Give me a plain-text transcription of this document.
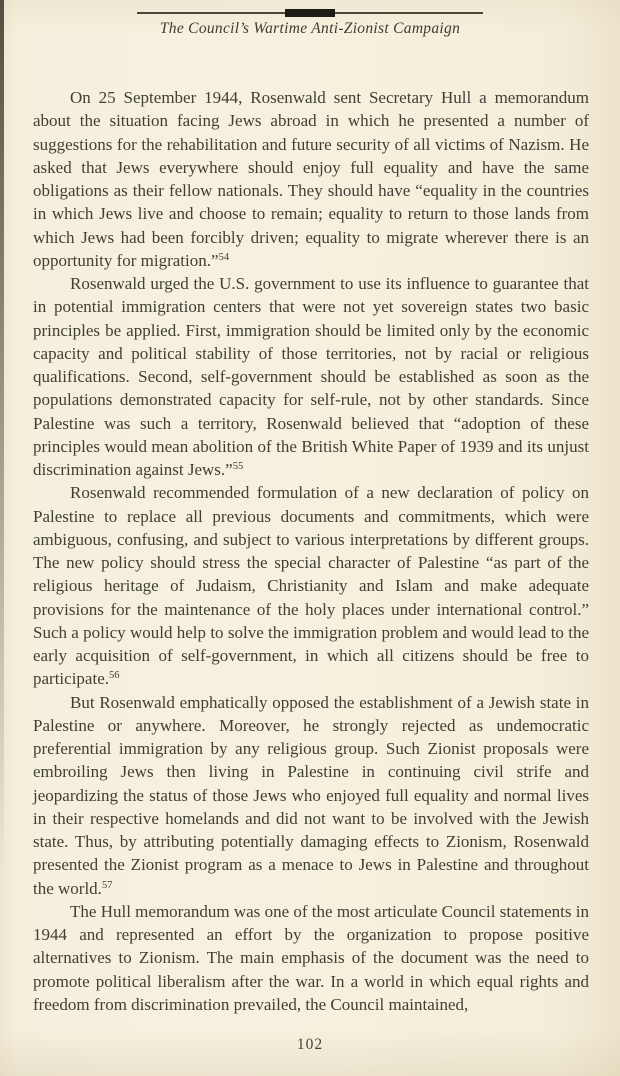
The Council’s Wartime Anti-Zionist Campaign

On 25 September 1944, Rosenwald sent Secretary Hull a memorandum about the situation facing Jews abroad in which he presented a number of suggestions for the rehabilitation and future security of all victims of Nazism. He asked that Jews everywhere should enjoy full equality and have the same obligations as their fellow nationals. They should have “equality in the countries in which Jews live and choose to remain; equality to return to those lands from which Jews had been forcibly driven; equality to migrate wherever there is an opportunity for migration.”$^{54}$

Rosenwald urged the U.S. government to use its influence to guarantee that in potential immigration centers that were not yet sovereign states two basic principles be applied. First, immigration should be limited only by the economic capacity and political stability of those territories, not by racial or religious qualifications. Second, self-government should be established as soon as the populations demonstrated capacity for self-rule, not by other standards. Since Palestine was such a territory, Rosenwald believed that “adoption of these principles would mean abolition of the British White Paper of 1939 and its unjust discrimination against Jews.”$^{55}$

Rosenwald recommended formulation of a new declaration of policy on Palestine to replace all previous documents and commitments, which were ambiguous, confusing, and subject to various interpretations by different groups. The new policy should stress the special character of Palestine “as part of the religious heritage of Judaism, Christianity and Islam and make adequate provisions for the maintenance of the holy places under international control.” Such a policy would help to solve the immigration problem and would lead to the early acquisition of self-government, in which all citizens should be free to participate.$^{56}$

But Rosenwald emphatically opposed the establishment of a Jewish state in Palestine or anywhere. Moreover, he strongly rejected as undemocratic preferential immigration by any religious group. Such Zionist proposals were embroiling Jews then living in Palestine in continuing civil strife and jeopardizing the status of those Jews who enjoyed full equality and normal lives in their respective homelands and did not want to be involved with the Jewish state. Thus, by attributing potentially damaging effects to Zionism, Rosenwald presented the Zionist program as a menace to Jews in Palestine and throughout the world.$^{57}$

The Hull memorandum was one of the most articulate Council statements in 1944 and represented an effort by the organization to propose positive alternatives to Zionism. The main emphasis of the document was the need to promote political liberalism after the war. In a world in which equal rights and freedom from discrimination prevailed, the Council maintained,

102
